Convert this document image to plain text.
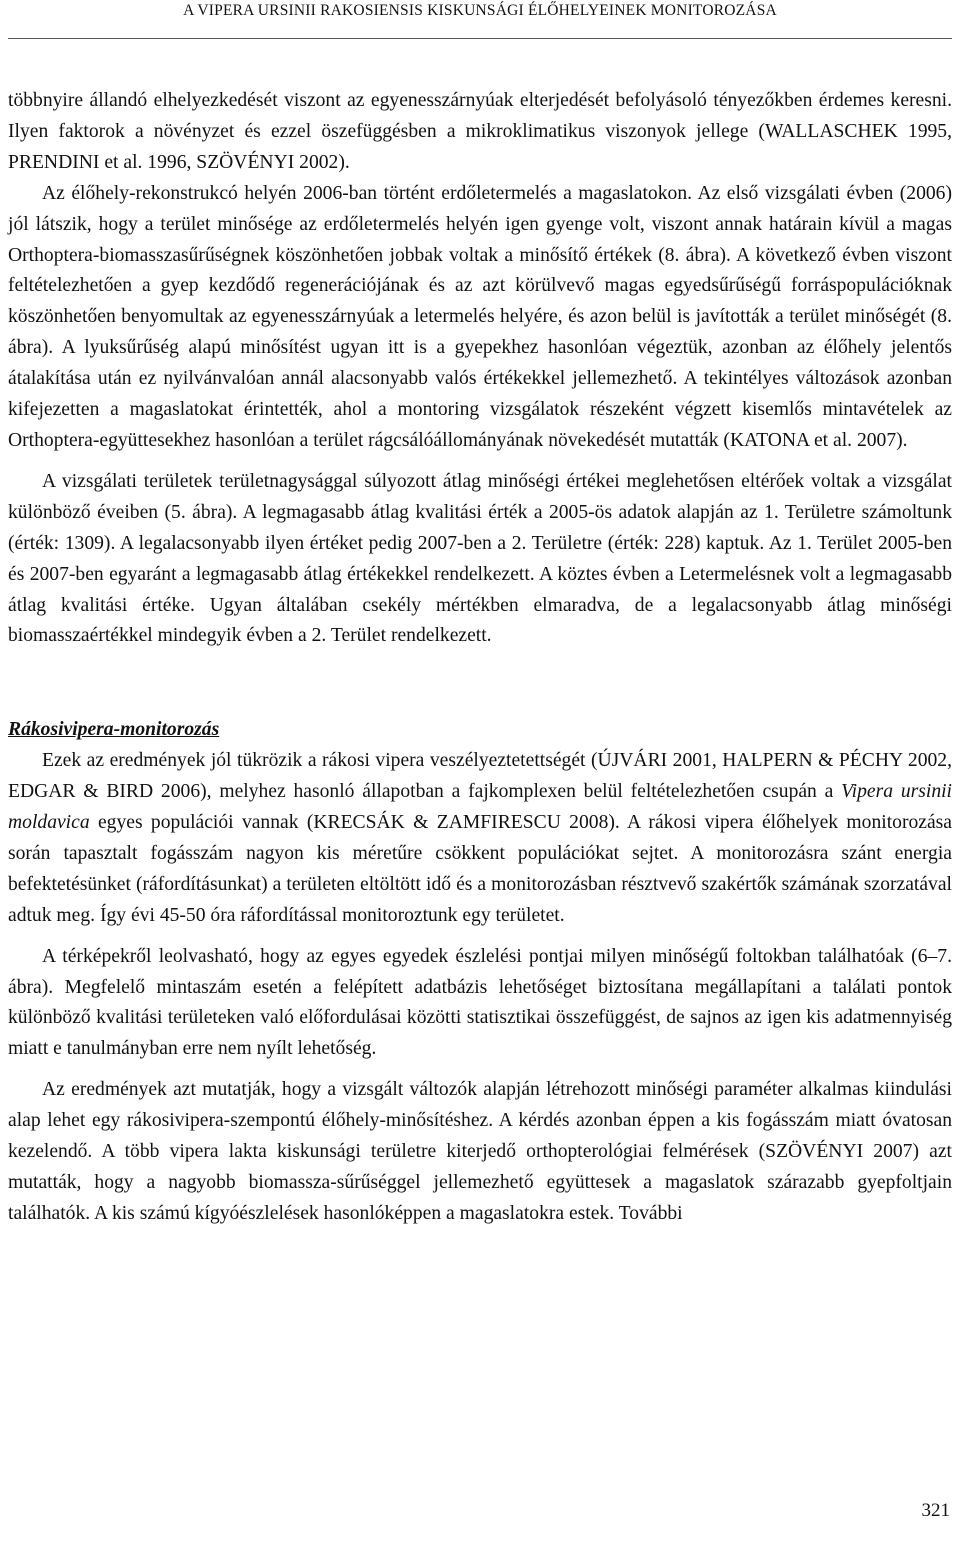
A VIPERA URSINII RAKOSIENSIS KISKUNSÁGI ÉLŐHELYEINEK MONITOROZÁSA

többnyire állandó elhelyezkedését viszont az egyenesszárnyúak elterjedését befolyásoló tényezőkben érdemes keresni. Ilyen faktorok a növényzet és ezzel öszefüggésben a mikroklimatikus viszonyok jellege (WALLASCHEK 1995, PRENDINI et al. 1996, SZÖVÉNYI 2002).

Az élőhely-rekonstrukcó helyén 2006-ban történt erdőletermelés a magaslatokon. Az első vizsgálati évben (2006) jól látszik, hogy a terület minősége az erdőletermelés helyén igen gyenge volt, viszont annak határain kívül a magas Orthoptera-biomasszasűrűségnek köszönhetően jobbak voltak a minősítő értékek (8. ábra). A következő évben viszont feltételezhetően a gyep kezdődő regenerációjának és az azt körülvevő magas egyedsűrűségű forráspopulációknak köszönhetően benyomultak az egyenesszárnyúak a letermelés helyére, és azon belül is javították a terület minőségét (8. ábra). A lyuksűrűség alapú minősítést ugyan itt is a gyepekhez hasonlóan végeztük, azonban az élőhely jelentős átalakítása után ez nyilvánvalóan annál alacsonyabb valós értékekkel jellemezhető. A tekintélyes változások azonban kifejezetten a magaslatokat érintették, ahol a montoring vizsgálatok részeként végzett kisemlős mintavételek az Orthoptera-együttesekhez hasonlóan a terület rágcsálóállományának növekedését mutatták (KATONA et al. 2007).

A vizsgálati területek területnagysággal súlyozott átlag minőségi értékei meglehetősen eltérőek voltak a vizsgálat különböző éveiben (5. ábra). A legmagasabb átlag kvalitási érték a 2005-ös adatok alapján az 1. Területre számoltunk (érték: 1309). A legalacsonyabb ilyen értéket pedig 2007-ben a 2. Területre (érték: 228) kaptuk. Az 1. Terület 2005-ben és 2007-ben egyaránt a legmagasabb átlag értékekkel rendelkezett. A köztes évben a Letermelésnek volt a legmagasabb átlag kvalitási értéke. Ugyan általában csekély mértékben elmaradva, de a legalacsonyabb átlag minőségi biomasszaértékkel mindegyik évben a 2. Terület rendelkezett.

Rákosivipera-monitorozás

Ezek az eredmények jól tükrözik a rákosi vipera veszélyeztetettségét (ÚJVÁRI 2001, HALPERN & PÉCHY 2002, EDGAR & BIRD 2006), melyhez hasonló állapotban a fajkomplexen belül feltételezhetően csupán a Vipera ursinii moldavica egyes populációi vannak (KRECSÁK & ZAMFIRESCU 2008). A rákosi vipera élőhelyek monitorozása során tapasztalt fogásszám nagyon kis méretűre csökkent populációkat sejtet. A monitorozásra szánt energia befektetésünket (ráfordításunkat) a területen eltöltött idő és a monitorozásban résztvevő szakértők számának szorzatával adtuk meg. Így évi 45-50 óra ráfordítással monitoroztunk egy területet.

A térképekről leolvasható, hogy az egyes egyedek észlelési pontjai milyen minőségű foltokban találhatóak (6–7. ábra). Megfelelő mintaszám esetén a felépített adatbázis lehetőséget biztosítana megállapítani a találati pontok különböző kvalitási területeken való előfordulásai közötti statisztikai összefüggést, de sajnos az igen kis adatmennyiség miatt e tanulmányban erre nem nyílt lehetőség.

Az eredmények azt mutatják, hogy a vizsgált változók alapján létrehozott minőségi paraméter alkalmas kiindulási alap lehet egy rákosivipera-szempontú élőhely-minősítéshez. A kérdés azonban éppen a kis fogásszám miatt óvatosan kezelendő. A több vipera lakta kiskunsági területre kiterjedő orthopterológiai felmérések (SZÖVÉNYI 2007) azt mutatták, hogy a nagyobb biomassza-sűrűséggel jellemezhető együttesek a magaslatok szárazabb gyepfoltjain találhatók. A kis számú kígyóészlelések hasonlóképpen a magaslatokra estek. További

321
